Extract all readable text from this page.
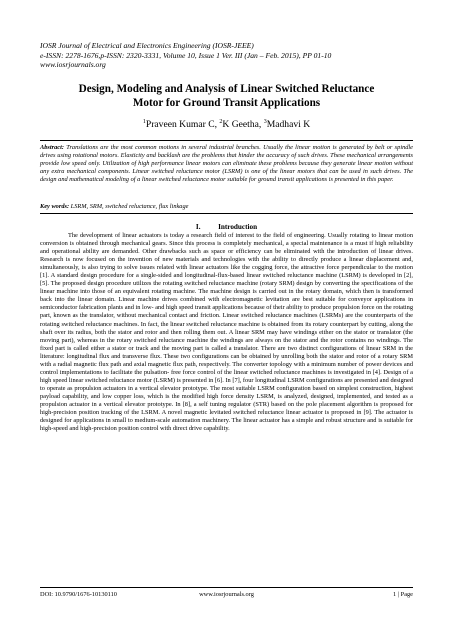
IOSR Journal of Electrical and Electronics Engineering (IOSR-JEEE)
e-ISSN: 2278-1676,p-ISSN: 2320-3331, Volume 10, Issue 1 Ver. III (Jan – Feb. 2015), PP 01-10
www.iosrjournals.org
Design, Modeling and Analysis of Linear Switched Reluctance
Motor for Ground Transit Applications
$^1$Praveen Kumar C, $^2$K Geetha, $^3$Madhavi K
Abstract: Translations are the most common motions in several industrial branches. Usually the linear motion is generated by belt or spindle drives using rotational motors. Elasticity and backlash are the problems that hinder the accuracy of such drives. These mechanical arrangements provide low speed only. Utilization of high performance linear motors can eliminate these problems because they generate linear motion without any extra mechanical components. Linear switched reluctance motor (LSRM) is one of the linear motors that can be used in such drives. The design and mathematical modeling of a linear switched reluctance motor suitable for ground transit applications is presented in this paper.
Key words: LSRM, SRM, switched reluctance, flux linkage
I. Introduction
The development of linear actuators is today a research field of interest to the field of engineering. Usually rotating to linear motion conversion is obtained through mechanical gears. Since this process is completely mechanical, a special maintenance is a must if high reliability and operational ability are demanded. Other drawbacks such as space or efficiency can be eliminated with the introduction of linear drives. Research is now focused on the invention of new materials and technologies with the ability to directly produce a linear displacement and, simultaneously, is also trying to solve issues related with linear actuators like the cogging force, the attractive force perpendicular to the motion [1]. A standard design procedure for a single-sided and longitudinal-flux-based linear switched reluctance machine (LSRM) is developed in [2], [5]. The proposed design procedure utilizes the rotating switched reluctance machine (rotary SRM) design by converting the specifications of the linear machine into those of an equivalent rotating machine. The machine design is carried out in the rotary domain, which then is transformed back into the linear domain. Linear machine drives combined with electromagnetic levitation are best suitable for conveyor applications in semiconductor fabrication plants and in low- and high speed transit applications because of their ability to produce propulsion force on the rotating part, known as the translator, without mechanical contact and friction. Linear switched reluctance machines (LSRMs) are the counterparts of the rotating switched reluctance machines. In fact, the linear switched reluctance machine is obtained from its rotary counterpart by cutting, along the shaft over its radius, both the stator and rotor and then rolling them out. A linear SRM may have windings either on the stator or translator (the moving part), whereas in the rotary switched reluctance machine the windings are always on the stator and the rotor contains no windings. The fixed part is called either a stator or track and the moving part is called a translator. There are two distinct configurations of linear SRM in the literature: longitudinal flux and transverse flux. These two configurations can be obtained by unrolling both the stator and rotor of a rotary SRM with a radial magnetic flux path and axial magnetic flux path, respectively. The converter topology with a minimum number of power devices and control implementations to facilitate the pulsation- free force control of the linear switched reluctance machines is investigated in [4]. Design of a high speed linear switched reluctance motor (LSRM) is presented in [6]. In [7], four longitudinal LSRM configurations are presented and designed to operate as propulsion actuators in a vertical elevator prototype. The most suitable LSRM configuration based on simplest construction, highest payload capability, and low copper loss, which is the modified high force density LSRM, is analyzed, designed, implemented, and tested as a propulsion actuator in a vertical elevator prototype. In [8], a self tuning regulator (STR) based on the pole placement algorithm is proposed for high-precision position tracking of the LSRM. A novel magnetic levitated switched reluctance linear actuator is proposed in [9]. The actuator is designed for applications in small to medium-scale automation machinery. The linear actuator has a simple and robust structure and is suitable for high-speed and high-precision position control with direct drive capability.
DOI: 10.9790/1676-10130110	www.iosrjournals.org	1 | Page
